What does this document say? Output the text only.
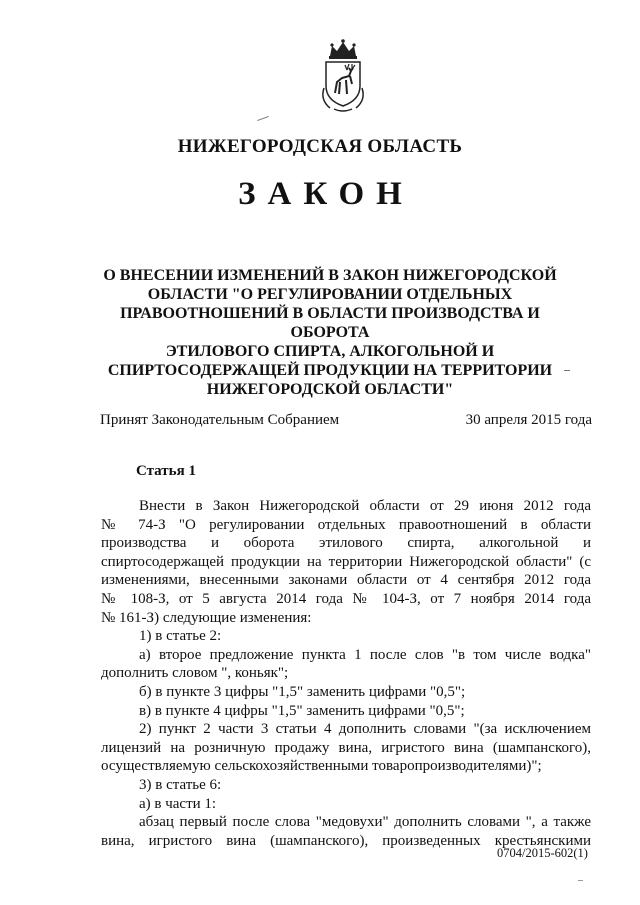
НИЖЕГОРОДСКАЯ ОБЛАСТЬ
ЗАКОН
О ВНЕСЕНИИ ИЗМЕНЕНИЙ В ЗАКОН НИЖЕГОРОДСКОЙ
ОБЛАСТИ "О РЕГУЛИРОВАНИИ ОТДЕЛЬНЫХ
ПРАВООТНОШЕНИЙ В ОБЛАСТИ ПРОИЗВОДСТВА И ОБОРОТА
ЭТИЛОВОГО СПИРТА, АЛКОГОЛЬНОЙ И
СПИРТОСОДЕРЖАЩЕЙ ПРОДУКЦИИ НА ТЕРРИТОРИИ
НИЖЕГОРОДСКОЙ ОБЛАСТИ"
Принят Законодательным Собранием	30 апреля 2015 года
Статья 1

Внести в Закон Нижегородской области от 29 июня 2012 года

№ 74-З "О регулировании отдельных правоотношений в области

производства и оборота этилового спирта, алкогольной и

спиртосодержащей продукции на территории Нижегородской области" (с

изменениями, внесенными законами области от 4 сентября 2012 года

№ 108-З, от 5 августа 2014 года № 104-З, от 7 ноября 2014 года

№ 161-З) следующие изменения:

1) в статье 2:

а) второе предложение пункта 1 после слов "в том числе водка"

дополнить словом ", коньяк";

б) в пункте 3 цифры "1,5" заменить цифрами "0,5";

в) в пункте 4 цифры "1,5" заменить цифрами "0,5";

2) пункт 2 части 3 статьи 4 дополнить словами "(за исключением

лицензий на розничную продажу вина, игристого вина (шампанского),

осуществляемую сельскохозяйственными товаропроизводителями)";

3) в статье 6:

а) в части 1:

абзац первый после слова "медовухи" дополнить словами ", а также

вина, игристого вина (шампанского), произведенных крестьянскими

0704/2015-602(1)
